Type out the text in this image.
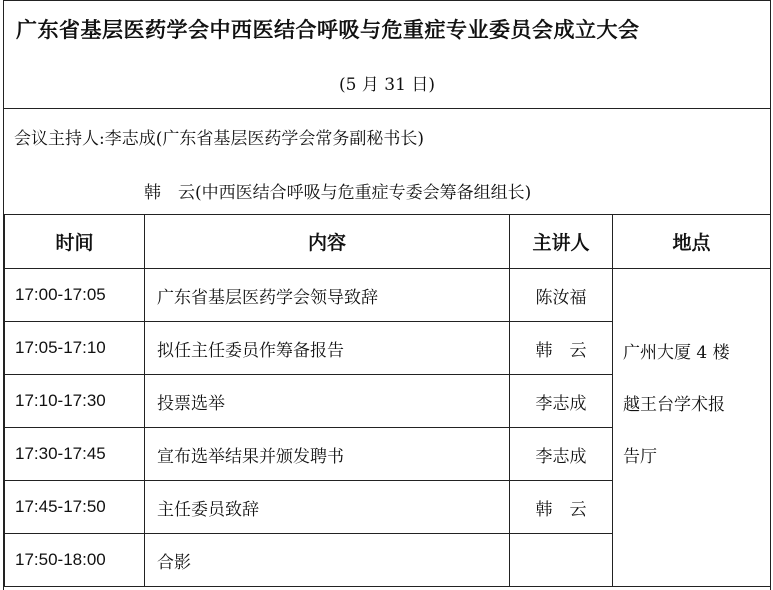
广东省基层医药学会中西医结合呼吸与危重症专业委员会成立大会
(5 月 31 日)
会议主持人:李志成(广东省基层医药学会常务副秘书长)
韩　云(中西医结合呼吸与危重症专委会筹备组组长)
时间	内容	主讲人	地点
17:00-17:05	广东省基层医药学会领导致辞	陈汝福	广州大厦 4 楼
越王台学术报
告厅

17:05-17:10	拟任主任委员作筹备报告	韩　云	
17:10-17:30	投票选举	李志成	
17:30-17:45	宣布选举结果并颁发聘书	李志成	
17:45-17:50	主任委员致辞	韩　云	
17:50-18:00	合影		
